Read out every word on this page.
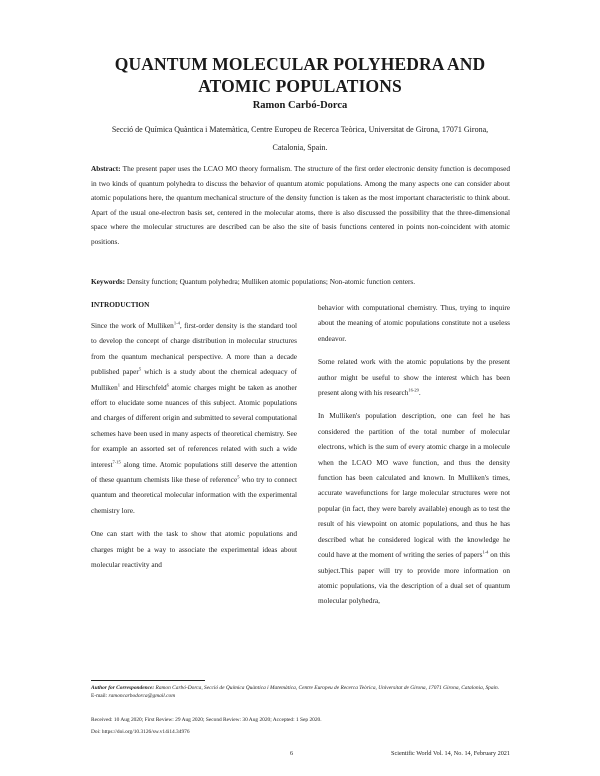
QUANTUM MOLECULAR POLYHEDRA AND
ATOMIC POPULATIONS
Ramon Carbó-Dorca
Secció de Química Quàntica i Matemàtica, Centre Europeu de Recerca Teòrica, Universitat de Girona, 17071 Girona,
Catalonia, Spain.
Abstract: The present paper uses the LCAO MO theory formalism. The structure of the first order electronic density function is decomposed in two kinds of quantum polyhedra to discuss the behavior of quantum atomic populations. Among the many aspects one can consider about atomic populations here, the quantum mechanical structure of the density function is taken as the most important characteristic to think about. Apart of the usual one-electron basis set, centered in the molecular atoms, there is also discussed the possibility that the three-dimensional space where the molecular structures are described can be also the site of basis functions centered in points non-coincident with atomic positions.
Keywords: Density function; Quantum polyhedra; Mulliken atomic populations; Non-atomic function centers.
INTRODUCTION

Since the work of Mulliken$^{1-4}$, first-order density is the standard tool to develop the concept of charge distribution in molecular structures from the quantum mechanical perspective. A more than a decade published paper$^5$ which is a study about the chemical adequacy of Mulliken$^1$ and Hirschfeld$^6$ atomic charges might be taken as another effort to elucidate some nuances of this subject. Atomic populations and charges of different origin and submitted to several computational schemes have been used in many aspects of theoretical chemistry. See for example an assorted set of references related with such a wide interest$^{7-15}$ along time. Atomic populations still deserve the attention of these quantum chemists like these of reference$^5$ who try to connect quantum and theoretical molecular information with the experimental chemistry lore.

One can start with the task to show that atomic populations and charges might be a way to associate the experimental ideas about molecular reactivity and

behavior with computational chemistry. Thus, trying to inquire about the meaning of atomic populations constitute not a useless endeavor.

Some related work with the atomic populations by the present author might be useful to show the interest which has been present along with his research$^{16-29}$.

In Mulliken's population description, one can feel he has considered the partition of the total number of molecular electrons, which is the sum of every atomic charge in a molecule when the LCAO MO wave function, and thus the density function has been calculated and known. In Mulliken's times, accurate wavefunctions for large molecular structures were not popular (in fact, they were barely available) enough as to test the result of his viewpoint on atomic populations, and thus he has described what he considered logical with the knowledge he could have at the moment of writing the series of papers$^{1-4}$ on this subject.This paper will try to provide more information on atomic populations, via the description of a dual set of quantum molecular polyhedra,

Author for Correspondence: Ramon Carbó-Dorca, Secció de Química Quàntica i Matemàtica, Centre Europeu de Recerca Teòrica, Universitat de Girona, 17071 Girona, Catalonia, Spain.
E-mail: ramoncarbodorca@gmail.com
Received: 10 Aug 2020; First Review: 29 Aug 2020; Second Review: 30 Aug 2020; Accepted: 1 Sep 2020.
Doi: https://doi.org/10.3126/sw.v14i14.34976
6	Scientific World Vol. 14, No. 14, February 2021
